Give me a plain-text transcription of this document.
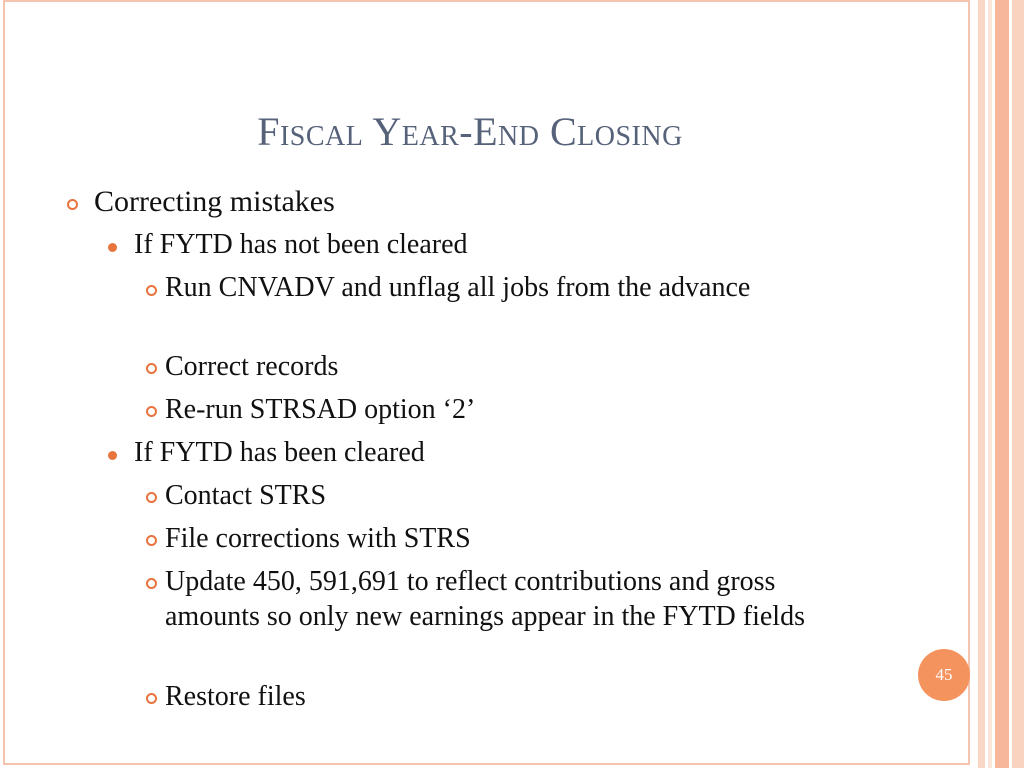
Fiscal Year-End Closing
Correcting mistakes
If FYTD has not been cleared
Run CNVADV and unflag all jobs from the advance
Correct records
Re-run STRSAD option ‘2’
If FYTD has been cleared
Contact STRS
File corrections with STRS
Update 450, 591,691 to reflect contributions and gross amounts so only new earnings appear in the FYTD fields
Restore files
45
